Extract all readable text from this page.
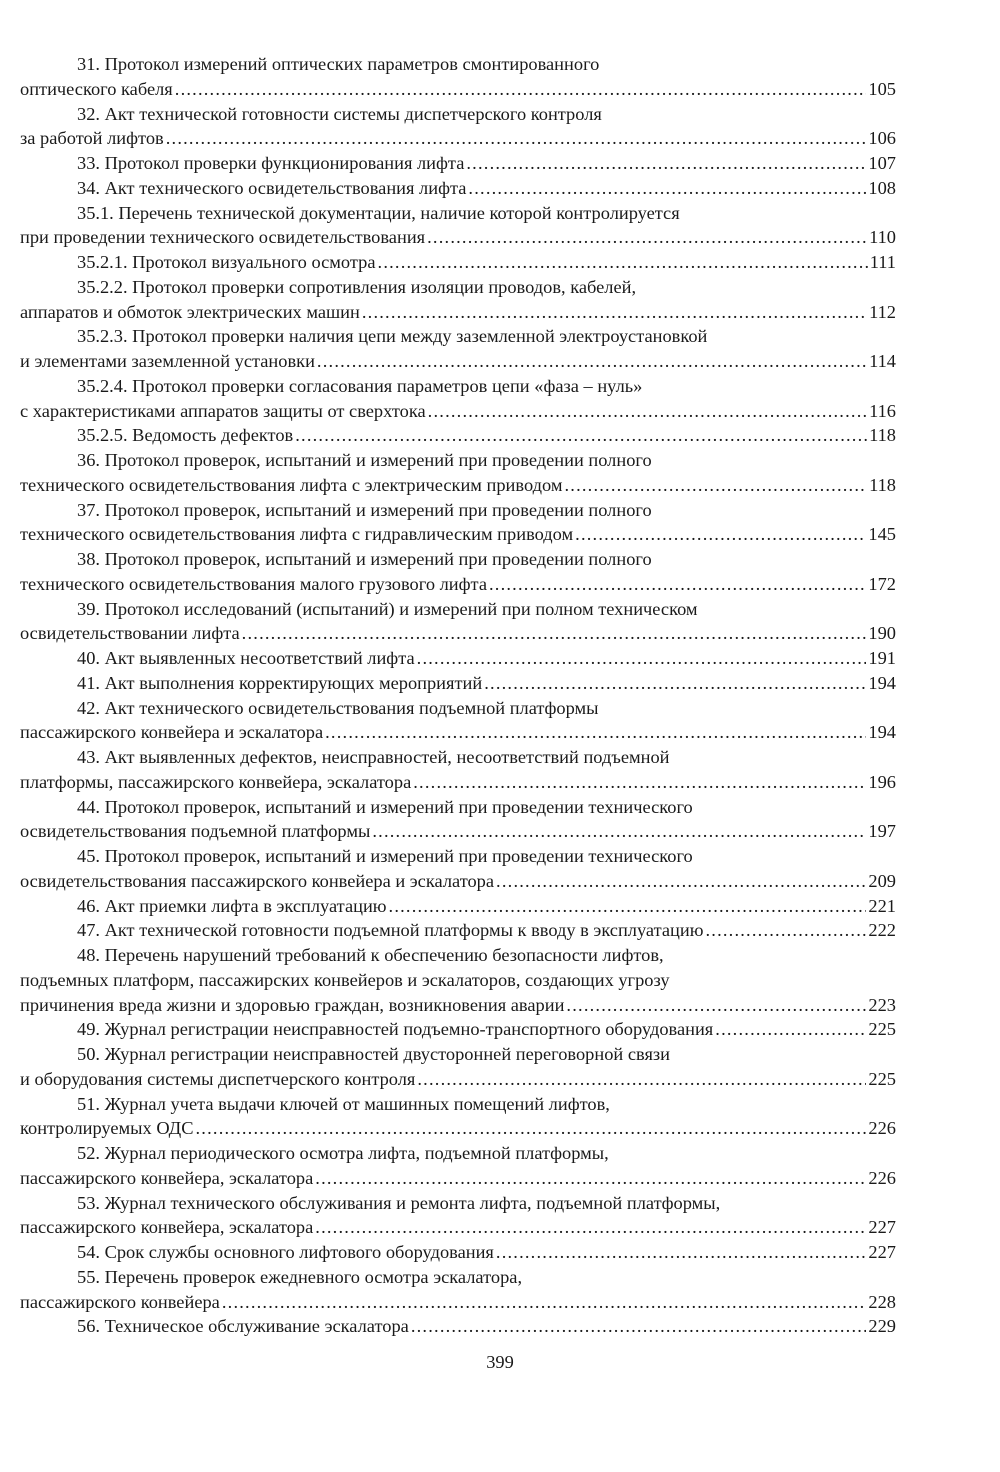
31. Протокол измерений оптических параметров смонтированного
оптического кабеля .....	105
32. Акт технической готовности системы диспетчерского контроля
за работой лифтов .....	106
33. Протокол проверки функционирования лифта .....	107
34. Акт технического освидетельствования лифта .....	108
35.1. Перечень технической документации, наличие которой контролируется
при проведении технического освидетельствования .....	110
35.2.1. Протокол визуального осмотра .....	111
35.2.2. Протокол проверки сопротивления изоляции проводов, кабелей,
аппаратов и обмоток электрических машин .....	112
35.2.3. Протокол проверки наличия цепи между заземленной электроустановкой
и элементами заземленной установки .....	114
35.2.4. Протокол проверки согласования параметров цепи «фаза – нуль»
с характеристиками аппаратов защиты от сверхтока .....	116
35.2.5. Ведомость дефектов .....	118
36. Протокол проверок, испытаний и измерений при проведении полного
технического освидетельствования лифта с электрическим приводом .....	118
37. Протокол проверок, испытаний и измерений при проведении полного
технического освидетельствования лифта с гидравлическим приводом .....	145
38. Протокол проверок, испытаний и измерений при проведении полного
технического освидетельствования малого грузового лифта .....	172
39. Протокол исследований (испытаний) и измерений при полном техническом
освидетельствовании лифта .....	190
40. Акт выявленных несоответствий лифта .....	191
41. Акт выполнения корректирующих мероприятий .....	194
42. Акт технического освидетельствования подъемной платформы
пассажирского конвейера и эскалатора .....	194
43. Акт выявленных дефектов, неисправностей, несоответствий подъемной
платформы, пассажирского конвейера, эскалатора .....	196
44. Протокол проверок, испытаний и измерений при проведении технического
освидетельствования подъемной платформы .....	197
45. Протокол проверок, испытаний и измерений при проведении технического
освидетельствования пассажирского конвейера и эскалатора .....	209
46. Акт приемки лифта в эксплуатацию .....	221
47. Акт технической готовности подъемной платформы к вводу в эксплуатацию .....	222
48. Перечень нарушений требований к обеспечению безопасности лифтов,
подъемных платформ, пассажирских конвейеров и эскалаторов, создающих угрозу
причинения вреда жизни и здоровью граждан, возникновения аварии .....	223
49. Журнал регистрации неисправностей подъемно-транспортного оборудования .....	225
50. Журнал регистрации неисправностей двусторонней переговорной связи
и оборудования системы диспетчерского контроля .....	225
51. Журнал учета выдачи ключей от машинных помещений лифтов,
контролируемых ОДС .....	226
52. Журнал периодического осмотра лифта, подъемной платформы,
пассажирского конвейера, эскалатора .....	226
53. Журнал технического обслуживания и ремонта лифта, подъемной платформы,
пассажирского конвейера, эскалатора .....	227
54. Срок службы основного лифтового оборудования .....	227
55. Перечень проверок ежедневного осмотра эскалатора,
пассажирского конвейера .....	228
56. Техническое обслуживание эскалатора .....	229
399
